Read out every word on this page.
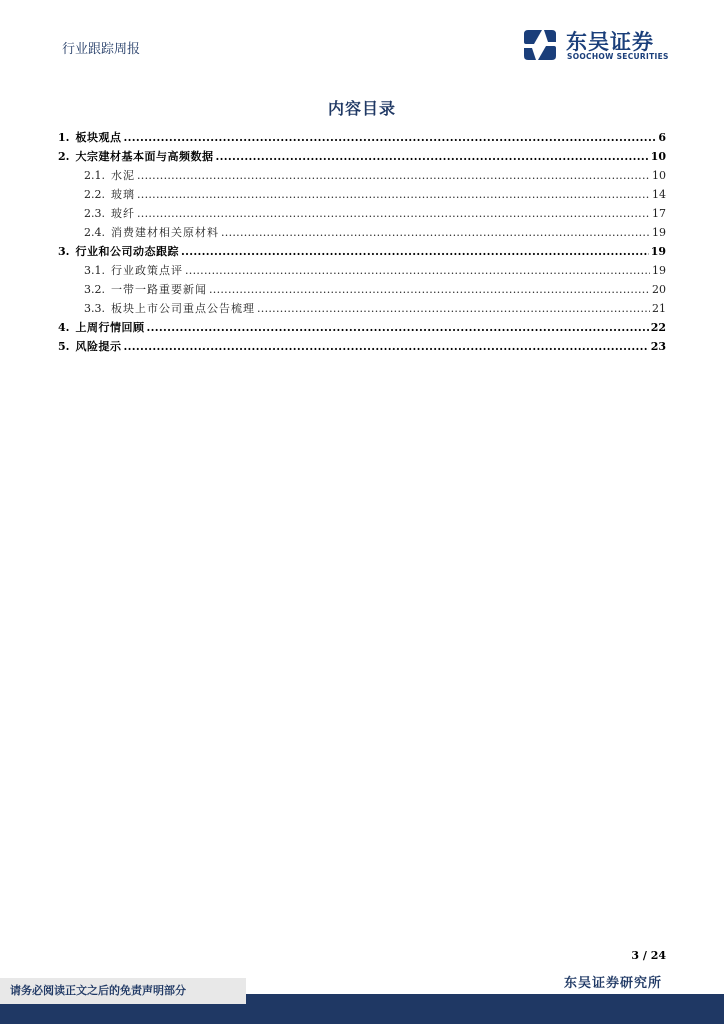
行业跟踪周报	东吴证券
SOOCHOW SECURITIES
内容目录
1. 板块观点 .....	6
2. 大宗建材基本面与高频数据 .....	10
2.1. 水泥 .....	10
2.2. 玻璃 .....	14
2.3. 玻纤 .....	17
2.4. 消费建材相关原材料 .....	19
3. 行业和公司动态跟踪 .....	19
3.1. 行业政策点评 .....	19
3.2. 一带一路重要新闻 .....	20
3.3. 板块上市公司重点公告梳理 .....	21
4. 上周行情回顾 .....	22
5. 风险提示 .....	23
3 / 24
东吴证券研究所
请务必阅读正文之后的免责声明部分
